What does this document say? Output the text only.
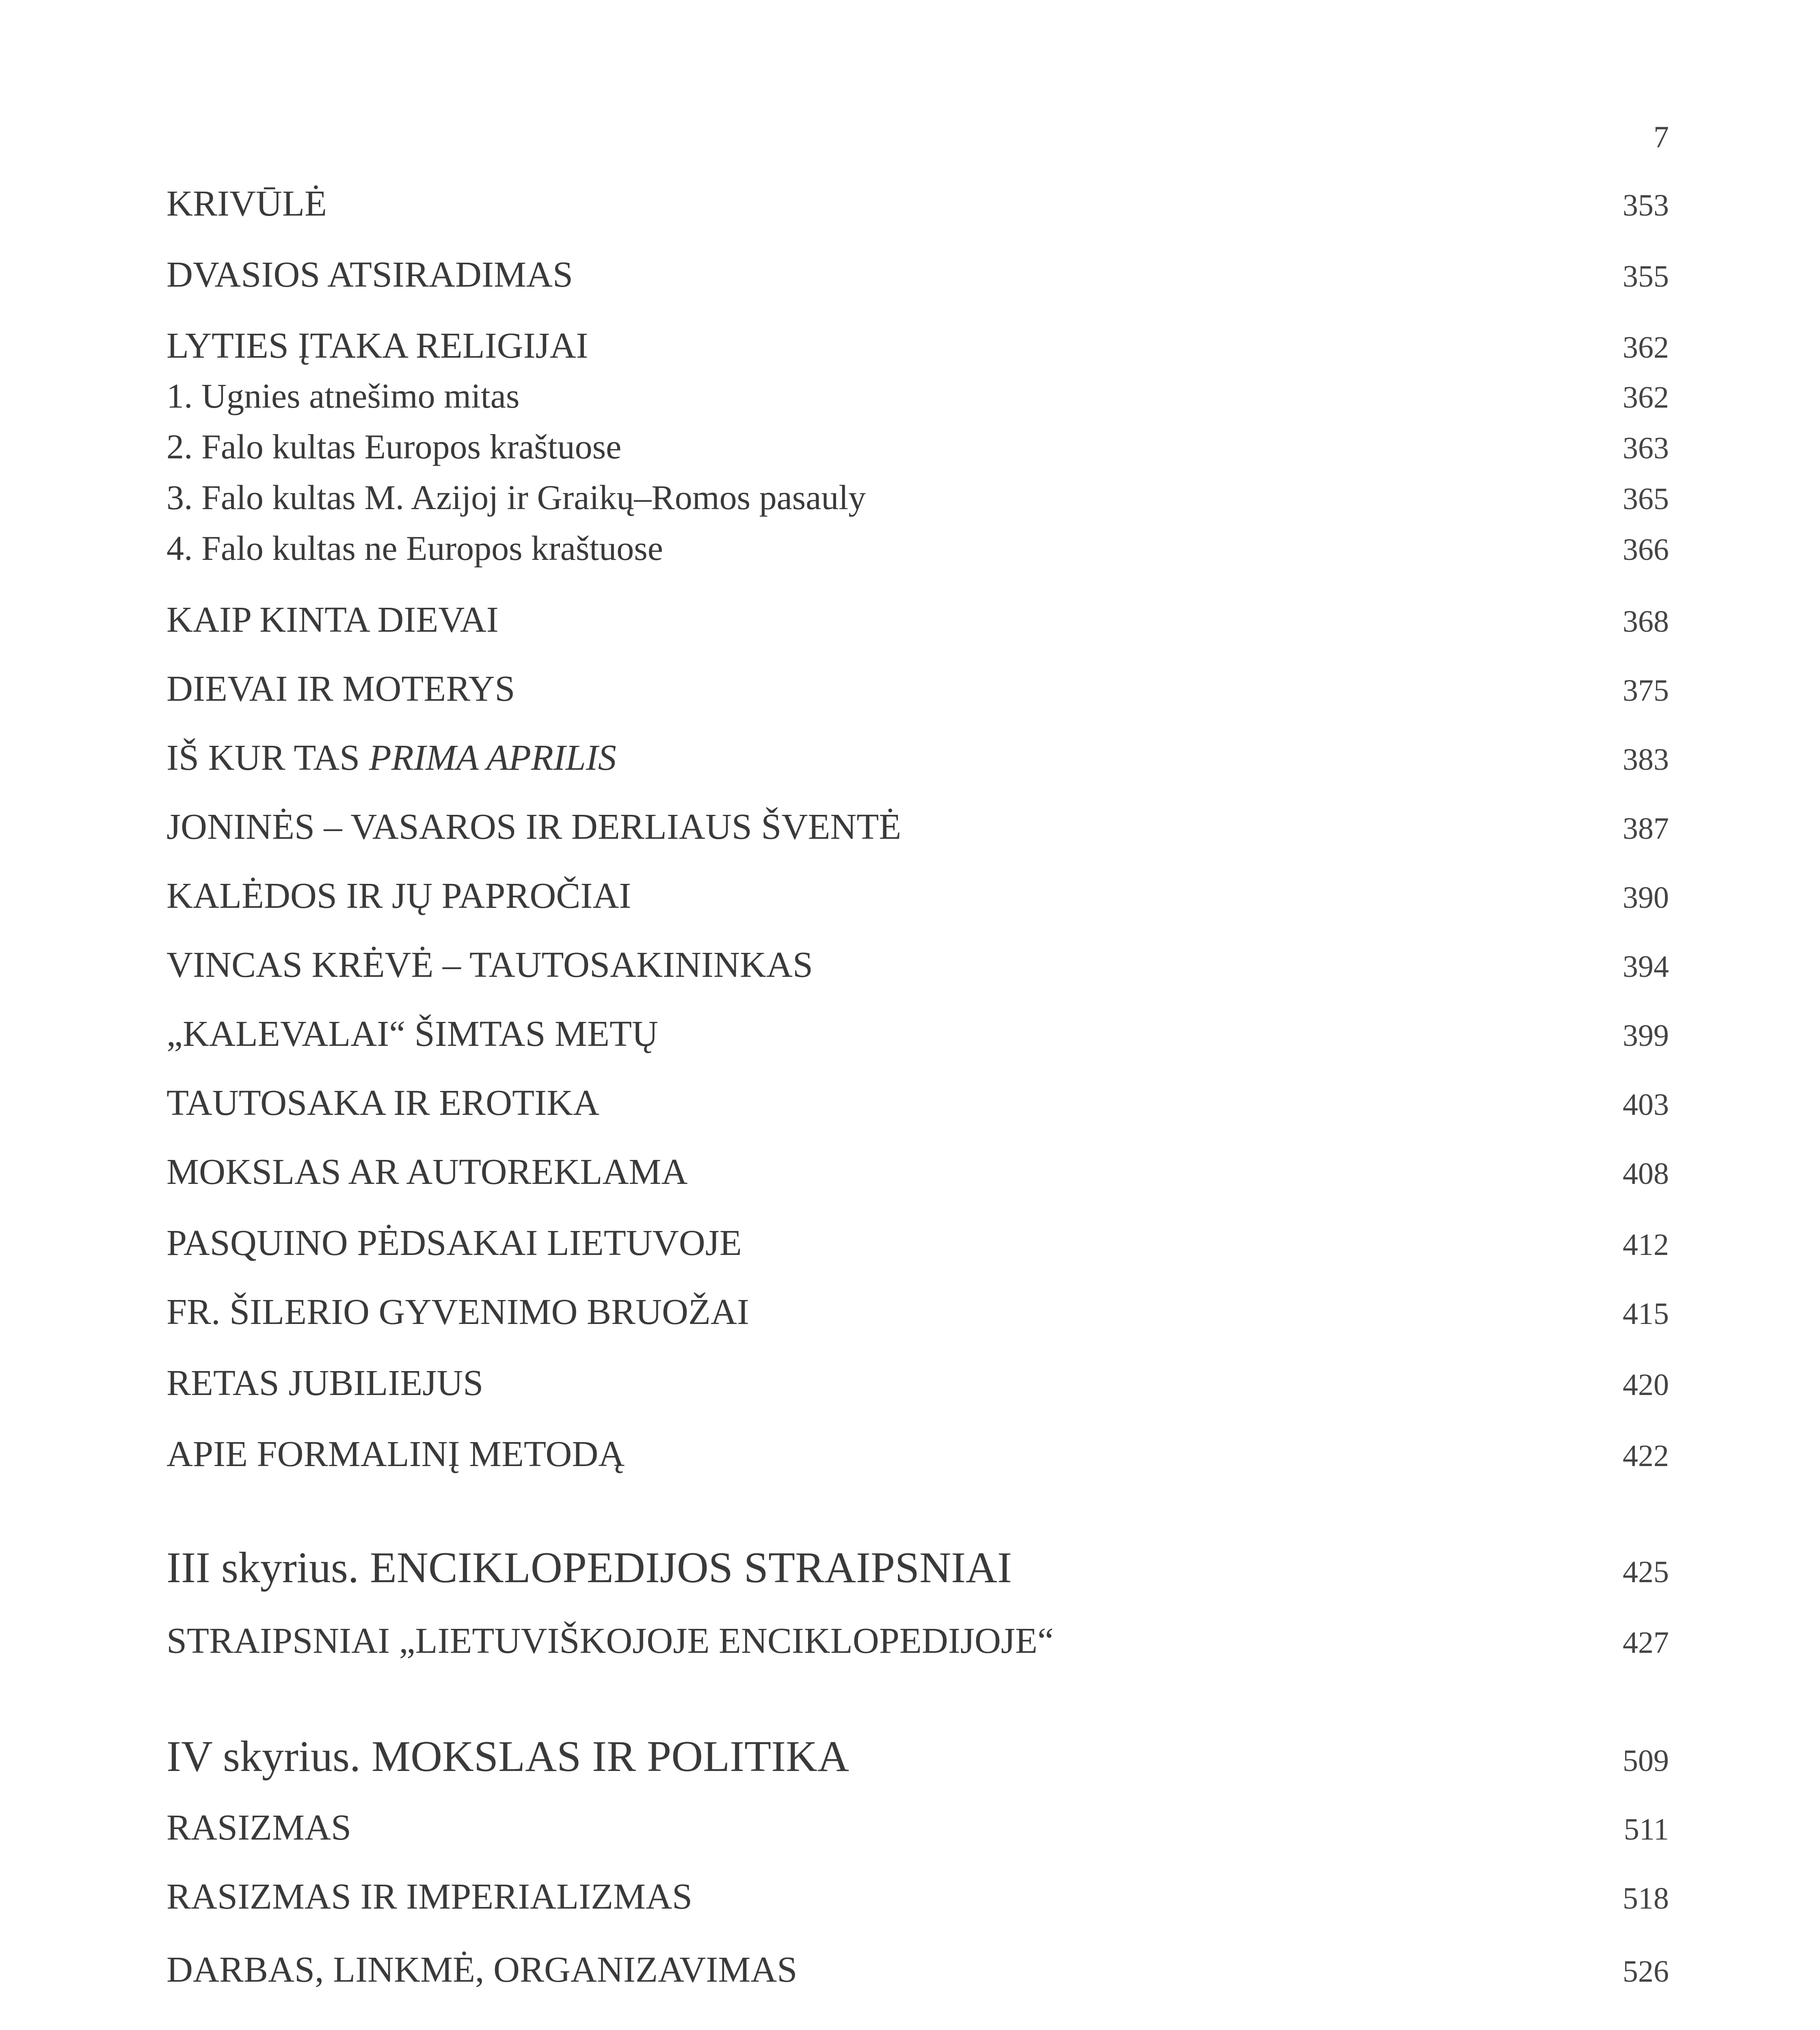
7
KRIVŪLĖ	353
DVASIOS ATSIRADIMAS	355
LYTIES ĮTAKA RELIGIJAI	362
1. Ugnies atnešimo mitas	362
2. Falo kultas Europos kraštuose	363
3. Falo kultas M. Azijoj ir Graikų–Romos pasauly	365
4. Falo kultas ne Europos kraštuose	366
KAIP KINTA DIEVAI	368
DIEVAI IR MOTERYS	375
IŠ KUR TAS PRIMA APRILIS	383
JONINĖS – VASAROS IR DERLIAUS ŠVENTĖ	387
KALĖDOS IR JŲ PAPROČIAI	390
VINCAS KRĖVĖ – TAUTOSAKININKAS	394
„KALEVALAI“ ŠIMTAS METŲ	399
TAUTOSAKA IR EROTIKA	403
MOKSLAS AR AUTOREKLAMA	408
PASQUINO PĖDSAKAI LIETUVOJE	412
FR. ŠILERIO GYVENIMO BRUOŽAI	415
RETAS JUBILIEJUS	420
APIE FORMALINĮ METODĄ	422
III skyrius. ENCIKLOPEDIJOS STRAIPSNIAI	425
STRAIPSNIAI „LIETUVIŠKOJOJE ENCIKLOPEDIJOJE“	427
IV skyrius. MOKSLAS IR POLITIKA	509
RASIZMAS	511
RASIZMAS IR IMPERIALIZMAS	518
DARBAS, LINKMĖ, ORGANIZAVIMAS	526
